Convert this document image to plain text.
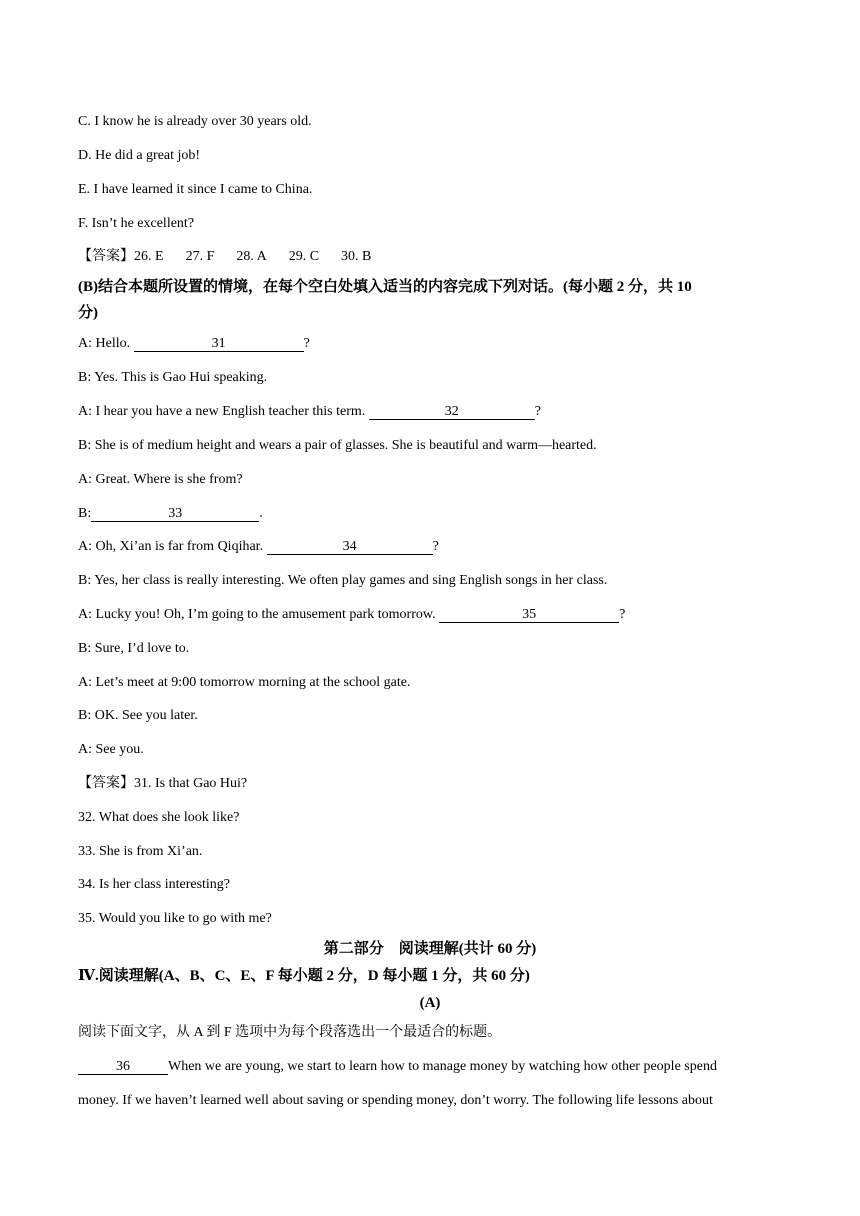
C. I know he is already over 30 years old.
D. He did a great job!
E. I have learned it since I came to China.
F. Isn’t he excellent?
【答案】26. E 27. F 28. A 29. C 30. B
(B)结合本题所设置的情境，在每个空白处填入适当的内容完成下列对话。(每小题 2 分，共 10
分)
A: Hello.	31	?
B: Yes. This is Gao Hui speaking.
A: I hear you have a new English teacher this term.	32	?
B: She is of medium height and wears a pair of glasses. She is beautiful and warm—hearted.
A: Great. Where is she from?
B:	33	.
A: Oh, Xi’an is far from Qiqihar.	34	?
B: Yes, her class is really interesting. We often play games and sing English songs in her class.
A: Lucky you! Oh, I’m going to the amusement park tomorrow.	35	?
B: Sure, I’d love to.
A: Let’s meet at 9:00 tomorrow morning at the school gate.
B: OK. See you later.
A: See you.
【答案】31. Is that Gao Hui?
32. What does she look like?
33. She is from Xi’an.
34. Is her class interesting?
35. Would you like to go with me?
第二部分　阅读理解(共计 60 分)
Ⅳ.阅读理解(A、B、C、E、F 每小题 2 分，D 每小题 1 分，共 60 分)
(A)
阅读下面文字，从 A 到 F 选项中为每个段落选出一个最适合的标题。
36	When we are young, we start to learn how to manage money by watching how other people spend
money. If we haven’t learned well about saving or spending money, don’t worry. The following life lessons about
